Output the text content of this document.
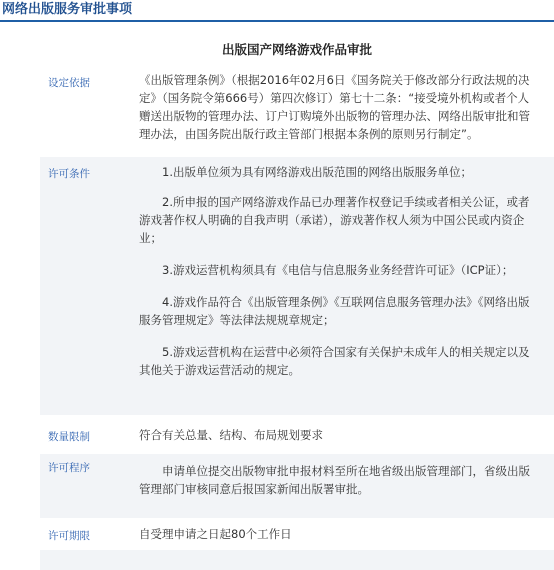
网络出版服务审批事项
出版国产网络游戏作品审批
设定依据	《出版管理条例》（根据2016年02月6日《国务院关于修改部分行政法规的决定》（国务院令第666号）第四次修订）第七十二条：“接受境外机构或者个人赠送出版物的管理办法、订户订购境外出版物的管理办法、网络出版审批和管理办法，由国务院出版行政主管部门根据本条例的原则另行制定”。

许可条件	1.出版单位须为具有网络游戏出版范围的网络出版服务单位；

2.所申报的国产网络游戏作品已办理著作权登记手续或者相关公证，或者游戏著作权人明确的自我声明（承诺），游戏著作权人须为中国公民或内资企业；

3.游戏运营机构须具有《电信与信息服务业务经营许可证》（ICP证）；

4.游戏作品符合《出版管理条例》《互联网信息服务管理办法》《网络出版服务管理规定》等法律法规规章规定；

5.游戏运营机构在运营中必须符合国家有关保护未成年人的相关规定以及其他关于游戏运营活动的规定。

数量限制	符合有关总量、结构、布局规划要求

许可程序	申请单位提交出版物审批申报材料至所在地省级出版管理部门，省级出版管理部门审核同意后报国家新闻出版署审批。

许可期限	自受理申请之日起80个工作日
